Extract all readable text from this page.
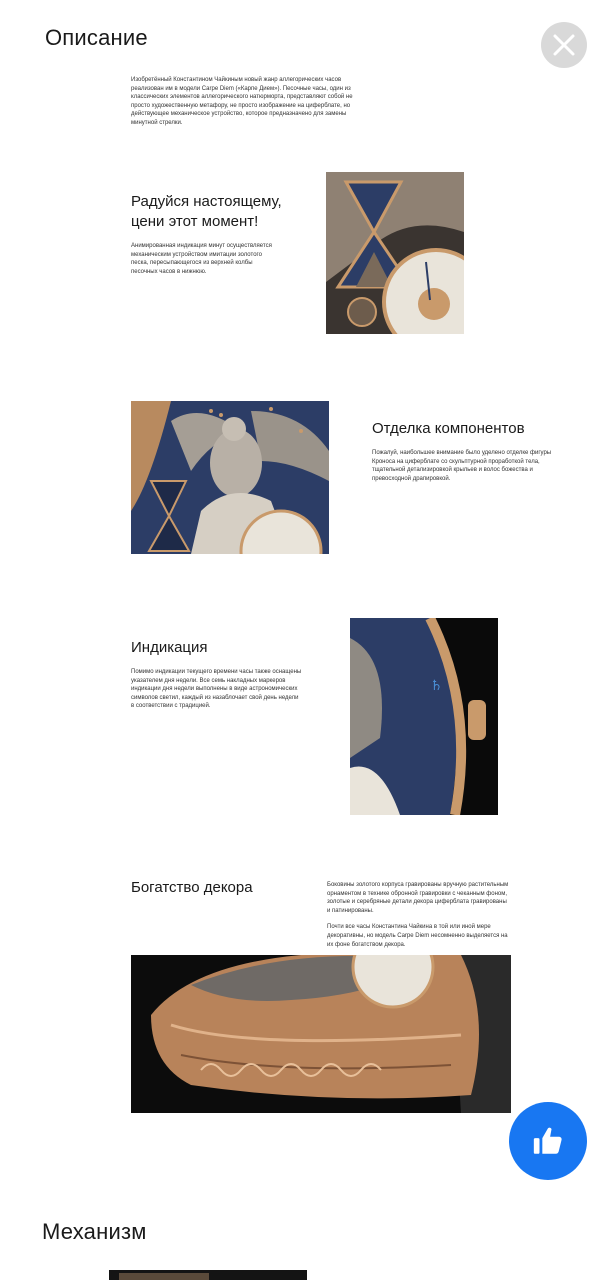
Описание
Изобретённый Константином Чайкиным новый жанр аллегорических часов реализован им в модели Carpe Diem («Карпе Дием»). Песочные часы, один из классических элементов аллегорического натюрморта, представляют собой не просто художественную метафору, не просто изображение на циферблате, но действующее механическое устройство, которое предназначено для замены минутной стрелки.
Радуйся настоящему,
цени этот момент!
Анимированная индикация минут осуществляется механическим устройством имитации золотого песка, пересыпающегося из верхней колбы песочных часов в нижнюю.
Отделка компонентов
Пожалуй, наибольшее внимание было уделено отделке фигуры Кроноса на циферблате со скульптурной проработкой тела, тщательной детализировкой крыльев и волос божества и превосходной драпировкой.
Индикация
Помимо индикации текущего времени часы также оснащены указателем дня недели. Все семь накладных маркеров индикации дня недели выполнены в виде астрономических символов светил, каждый из назаблочает свой день недели в соответствии с традицией.
♄
Богатство декора	Боковины золотого корпуса гравированы вручную растительным орнаментом в технике обронной гравировки с чеканным фоном, золотые и серебряные детали декора циферблата гравированы и патинированы.
Почти все часы Константина Чайкина в той или иной мере декоративны, но модель Carpe Diem несомненно выделяется на их фоне богатством декора.
Механизм
